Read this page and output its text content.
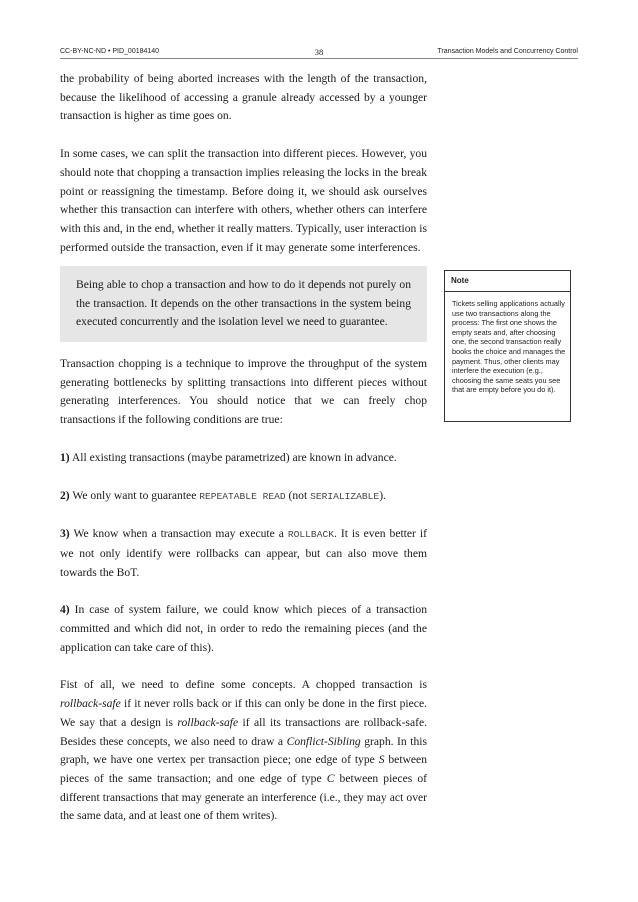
CC-BY-NC-ND • PID_00184140	38	Transaction Models and Concurrency Control

the probability of being aborted increases with the length of the transaction, because the likelihood of accessing a granule already accessed by a younger transaction is higher as time goes on.

In some cases, we can split the transaction into different pieces. However, you should note that chopping a transaction implies releasing the locks in the break point or reassigning the timestamp. Before doing it, we should ask ourselves whether this transaction can interfere with others, whether others can interfere with this and, in the end, whether it really matters. Typically, user interaction is performed outside the transaction, even if it may generate some interferences.

Being able to chop a transaction and how to do it depends not purely on the transaction. It depends on the other transactions in the system being executed concurrently and the isolation level we need to guarantee.

Note
Tickets selling applications actually use two transactions along the process: The first one shows the empty seats and, after choosing one, the second transaction really books the choice and manages the payment. Thus, other clients may interfere the execution (e.g., choosing the same seats you see that are empty before you do it).

Transaction chopping is a technique to improve the throughput of the system generating bottlenecks by splitting transactions into different pieces without generating interferences. You should notice that we can freely chop transactions if the following conditions are true:

1) All existing transactions (maybe parametrized) are known in advance.

2) We only want to guarantee REPEATABLE READ (not SERIALIZABLE).

3) We know when a transaction may execute a ROLLBACK. It is even better if we not only identify were rollbacks can appear, but can also move them towards the BoT.

4) In case of system failure, we could know which pieces of a transaction committed and which did not, in order to redo the remaining pieces (and the application can take care of this).

Fist of all, we need to define some concepts. A chopped transaction is rollback-safe if it never rolls back or if this can only be done in the first piece. We say that a design is rollback-safe if all its transactions are rollback-safe. Besides these concepts, we also need to draw a Conflict-Sibling graph. In this graph, we have one vertex per transaction piece; one edge of type S between pieces of the same transaction; and one edge of type C between pieces of different transactions that may generate an interference (i.e., they may act over the same data, and at least one of them writes).
